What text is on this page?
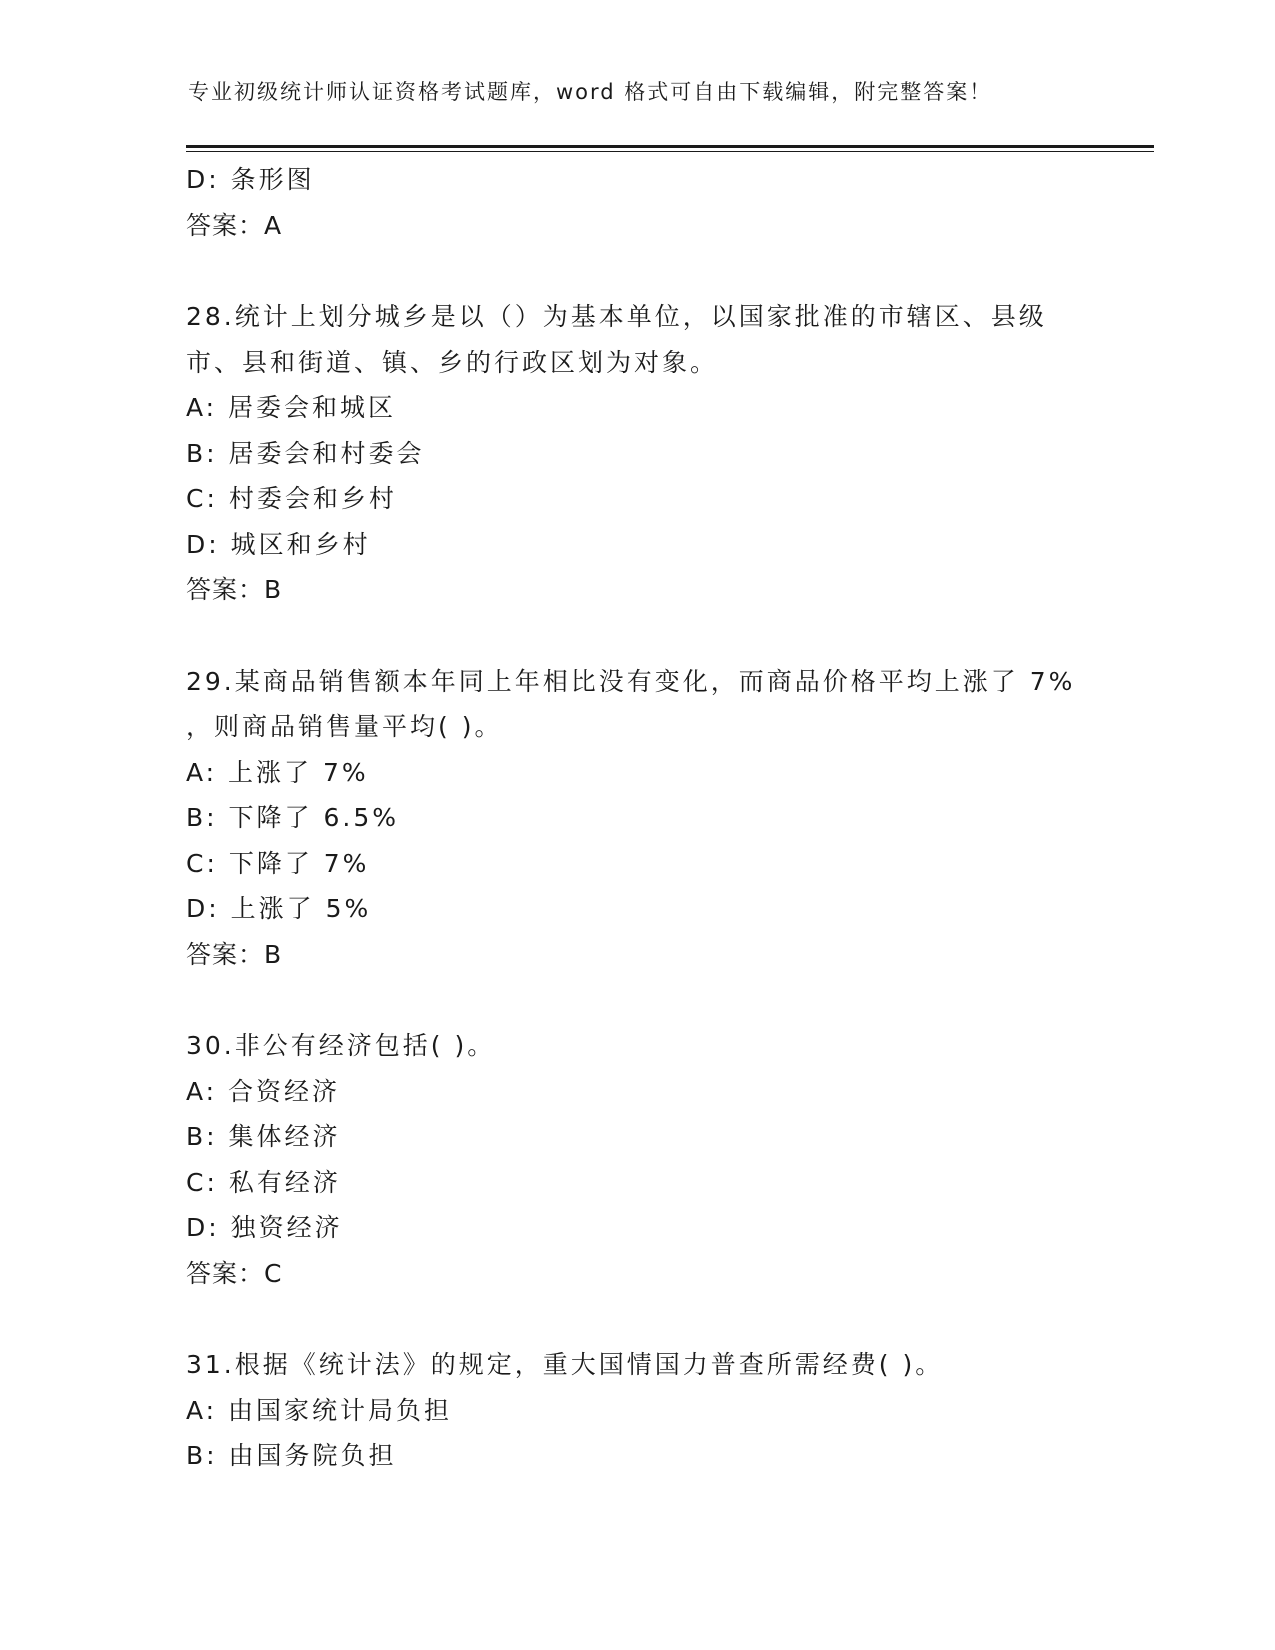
专业初级统计师认证资格考试题库，word 格式可自由下载编辑，附完整答案！
D: 条形图
答案：A
28.统计上划分城乡是以（）为基本单位，以国家批准的市辖区、县级
市、县和街道、镇、乡的行政区划为对象。
A: 居委会和城区
B: 居委会和村委会
C: 村委会和乡村
D: 城区和乡村
答案：B
29.某商品销售额本年同上年相比没有变化，而商品价格平均上涨了 7%
，则商品销售量平均( )。
A: 上涨了 7%
B: 下降了 6.5%
C: 下降了 7%
D: 上涨了 5%
答案：B
30.非公有经济包括( )。
A: 合资经济
B: 集体经济
C: 私有经济
D: 独资经济
答案：C
31.根据《统计法》的规定，重大国情国力普查所需经费( )。
A: 由国家统计局负担
B: 由国务院负担
